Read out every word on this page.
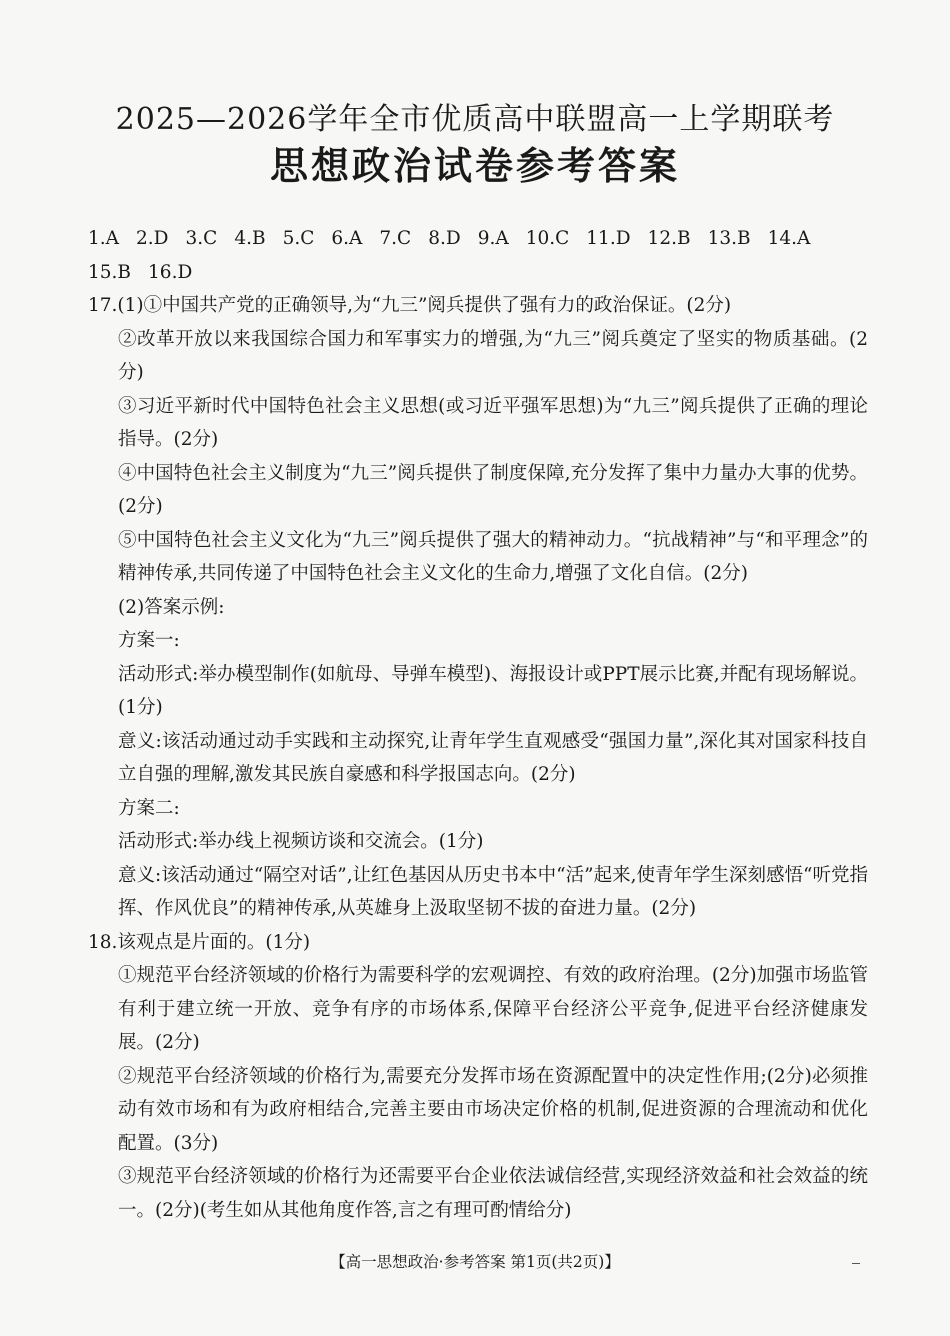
2025—2026学年全市优质高中联盟高一上学期联考
思想政治试卷参考答案
1.A 2.D 3.C 4.B 5.C 6.A 7.C 8.D 9.A 10.C 11.D 12.B 13.B 14.A
15.B 16.D

17.(1)①中国共产党的正确领导,为“九三”阅兵提供了强有力的政治保证。(2分)

②改革开放以来我国综合国力和军事实力的增强,为“九三”阅兵奠定了坚实的物质基础。(2分)

③习近平新时代中国特色社会主义思想(或习近平强军思想)为“九三”阅兵提供了正确的理论指导。(2分)

④中国特色社会主义制度为“九三”阅兵提供了制度保障,充分发挥了集中力量办大事的优势。(2分)

⑤中国特色社会主义文化为“九三”阅兵提供了强大的精神动力。“抗战精神”与“和平理念”的精神传承,共同传递了中国特色社会主义文化的生命力,增强了文化自信。(2分)

(2)答案示例:

方案一:

活动形式:举办模型制作(如航母、导弹车模型)、海报设计或PPT展示比赛,并配有现场解说。(1分)

意义:该活动通过动手实践和主动探究,让青年学生直观感受“强国力量”,深化其对国家科技自立自强的理解,激发其民族自豪感和科学报国志向。(2分)

方案二:

活动形式:举办线上视频访谈和交流会。(1分)

意义:该活动通过“隔空对话”,让红色基因从历史书本中“活”起来,使青年学生深刻感悟“听党指挥、作风优良”的精神传承,从英雄身上汲取坚韧不拔的奋进力量。(2分)

18.该观点是片面的。(1分)

①规范平台经济领域的价格行为需要科学的宏观调控、有效的政府治理。(2分)加强市场监管有利于建立统一开放、竞争有序的市场体系,保障平台经济公平竞争,促进平台经济健康发展。(2分)

②规范平台经济领域的价格行为,需要充分发挥市场在资源配置中的决定性作用;(2分)必须推动有效市场和有为政府相结合,完善主要由市场决定价格的机制,促进资源的合理流动和优化配置。(3分)

③规范平台经济领域的价格行为还需要平台企业依法诚信经营,实现经济效益和社会效益的统一。(2分)(考生如从其他角度作答,言之有理可酌情给分)

【高一思想政治·参考答案 第1页(共2页)】
